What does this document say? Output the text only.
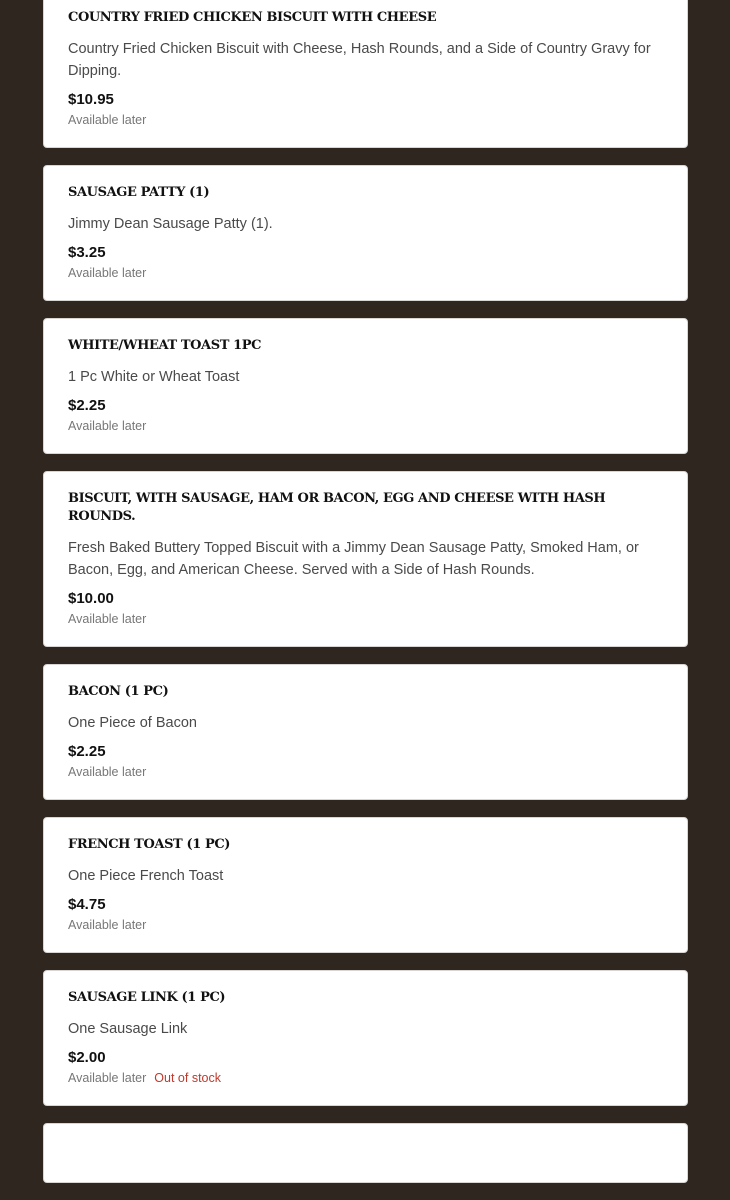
COUNTRY FRIED CHICKEN BISCUIT WITH CHEESE
Country Fried Chicken Biscuit with Cheese, Hash Rounds, and a Side of Country Gravy for Dipping.
$10.95
Available later
SAUSAGE PATTY (1)
Jimmy Dean Sausage Patty (1).
$3.25
Available later
WHITE/WHEAT TOAST 1PC
1 Pc White or Wheat Toast
$2.25
Available later
BISCUIT, WITH SAUSAGE, HAM OR BACON, EGG AND CHEESE WITH HASH ROUNDS.
Fresh Baked Buttery Topped Biscuit with a Jimmy Dean Sausage Patty, Smoked Ham, or Bacon, Egg, and American Cheese. Served with a Side of Hash Rounds.
$10.00
Available later
BACON (1 PC)
One Piece of Bacon
$2.25
Available later
FRENCH TOAST (1 PC)
One Piece French Toast
$4.75
Available later
SAUSAGE LINK (1 PC)
One Sausage Link
$2.00
Available later Out of stock
